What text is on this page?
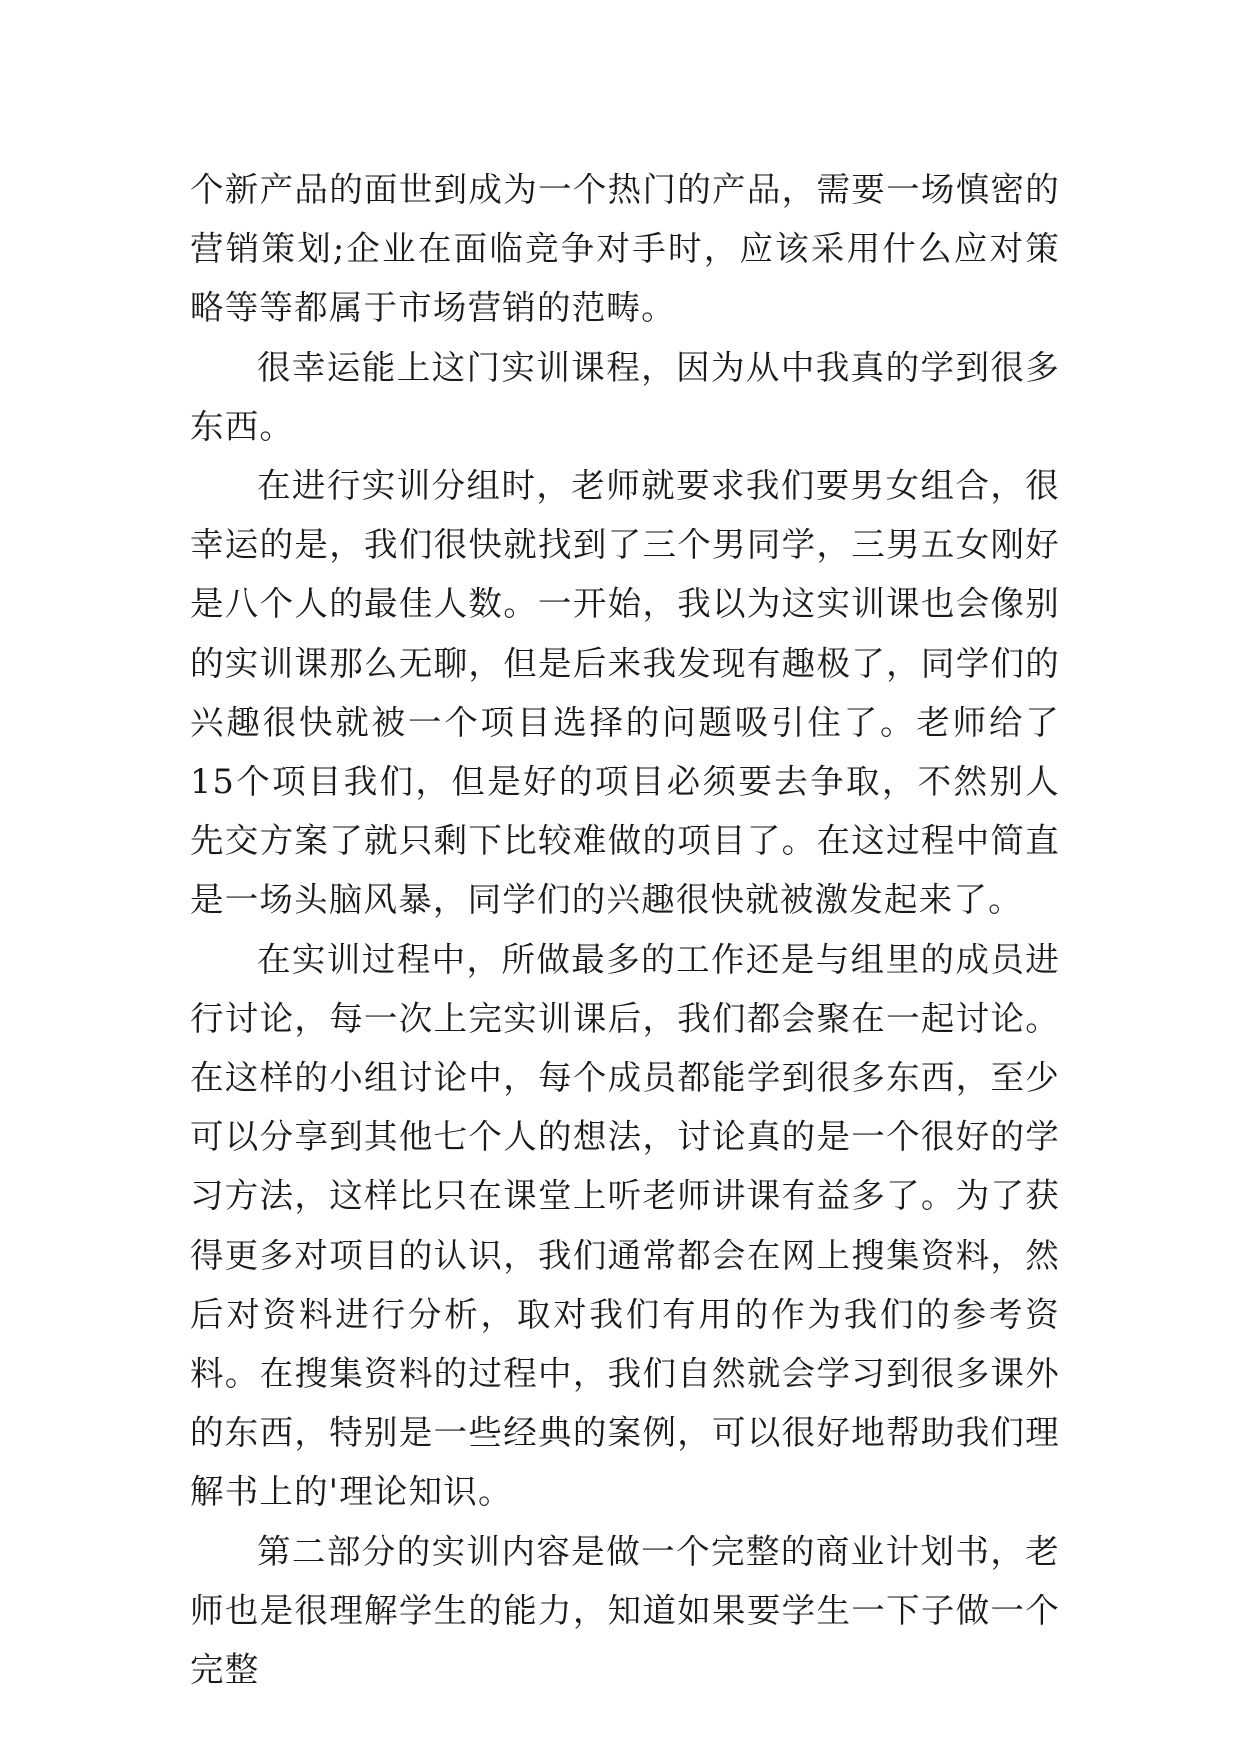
个新产品的面世到成为一个热门的产品，需要一场慎密的营销策划;企业在面临竞争对手时，应该采用什么应对策略等等都属于市场营销的范畴。

很幸运能上这门实训课程，因为从中我真的学到很多东西。

在进行实训分组时，老师就要求我们要男女组合，很幸运的是，我们很快就找到了三个男同学，三男五女刚好是八个人的最佳人数。一开始，我以为这实训课也会像别的实训课那么无聊，但是后来我发现有趣极了，同学们的兴趣很快就被一个项目选择的问题吸引住了。老师给了15个项目我们，但是好的项目必须要去争取，不然别人先交方案了就只剩下比较难做的项目了。在这过程中简直是一场头脑风暴，同学们的兴趣很快就被激发起来了。

在实训过程中，所做最多的工作还是与组里的成员进行讨论，每一次上完实训课后，我们都会聚在一起讨论。在这样的小组讨论中，每个成员都能学到很多东西，至少可以分享到其他七个人的想法，讨论真的是一个很好的学习方法，这样比只在课堂上听老师讲课有益多了。为了获得更多对项目的认识，我们通常都会在网上搜集资料，然后对资料进行分析，取对我们有用的作为我们的参考资料。在搜集资料的过程中，我们自然就会学习到很多课外的东西，特别是一些经典的案例，可以很好地帮助我们理解书上的'理论知识。

第二部分的实训内容是做一个完整的商业计划书，老师也是很理解学生的能力，知道如果要学生一下子做一个完整
